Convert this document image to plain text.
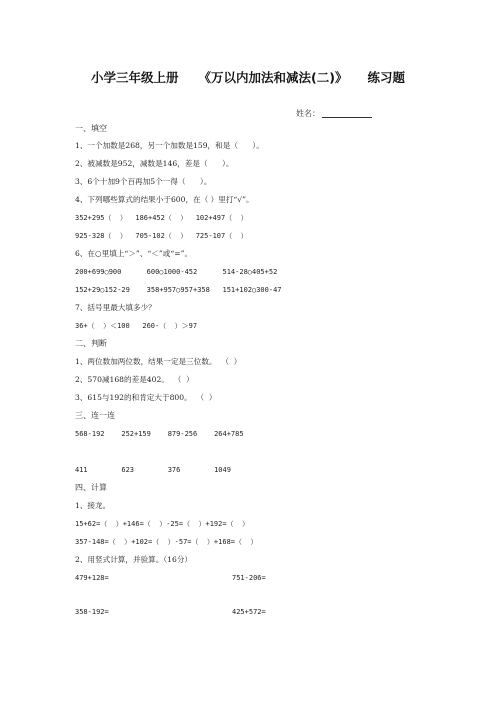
小学三年级上册 《万以内加法和减法(二)》 练习题
姓名：
一、填空
1、一个加数是268，另一个加数是159，和是（      ）。
2、被减数是952，减数是146，差是（      ）。
3、6个十加9个百再加5个一得（      ）。
4、下列哪些算式的结果小于600，在（ ）里打“√”。
352+295（  ）  186+452（  ）  102+497（  ）
925-328（  ）  705-102（  ）  725-107（  ）
6、在○里填上“＞”、“＜”或“=”。
200+699○900      600○1000-452      514-28○405+52
152+29○152-29    358+957○957+358   151+102○300-47
7、括号里最大填多少？
36+（  ）＜100   260-（  ）＞97
二、判断
1、两位数加两位数，结果一定是三位数。  （  ）
2、570减168的差是402。  （  ）
3、615与192的和肯定大于800。  （  ）
三、连一连
568-192    252+159    879-256    264+785
411        623        376        1049
四、计算
1、接龙。
15+62=（  ）+146=（  ）-25=（  ）+192=（  ）
357-148=（  ）+102=（  ）-57=（  ）+168=（  ）
2、用竖式计算，并验算。（16分）
479+128=	751-206=
358-192=	425+572=
